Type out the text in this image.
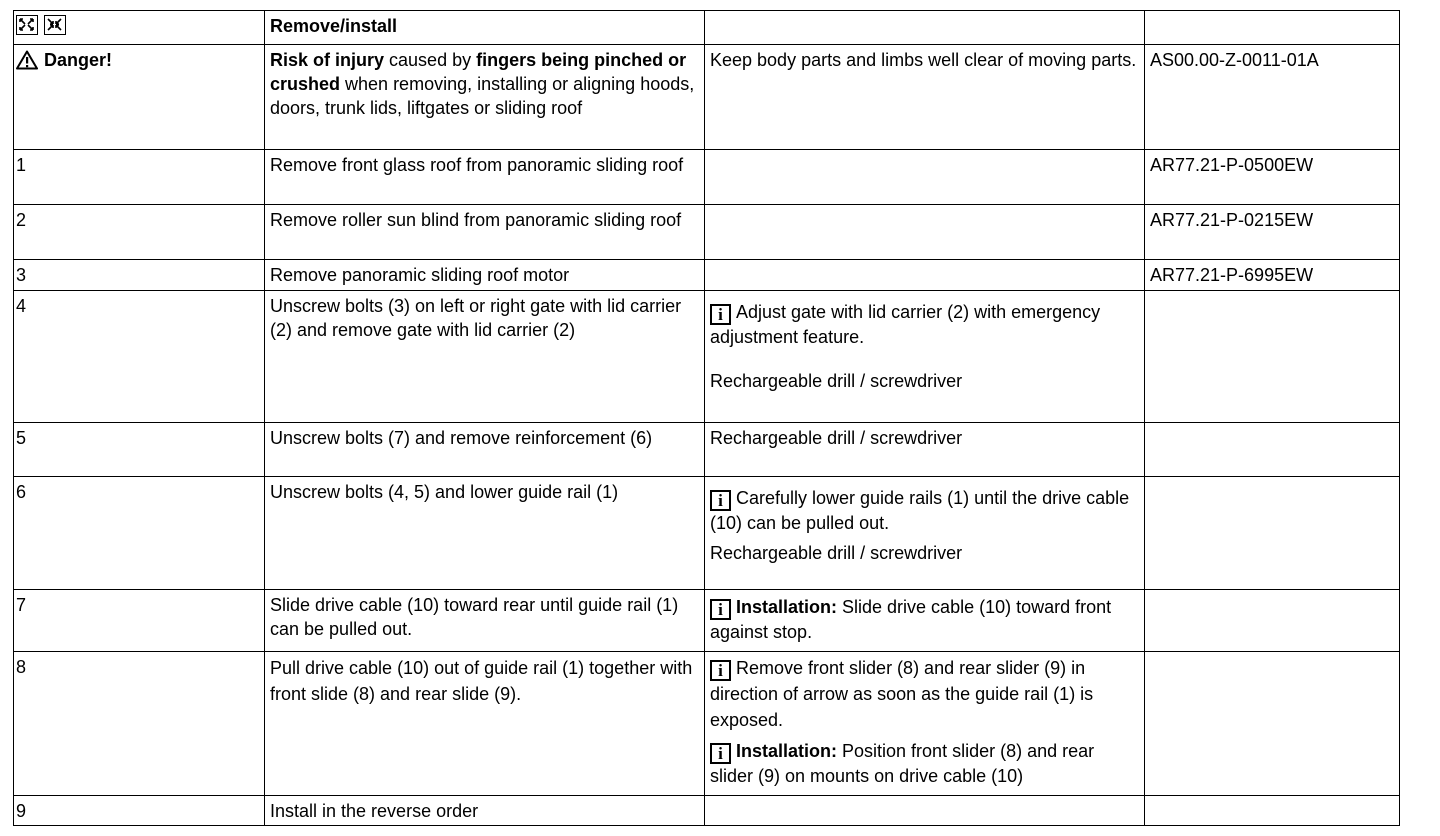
	Remove/install		

Danger!	Risk of injury caused by fingers being pinched or crushed when removing, installing or aligning hoods, doors, trunk lids, liftgates or sliding roof	Keep body parts and limbs well clear of moving parts.	AS00.00-Z-0011-01A
1	Remove front glass roof from panoramic sliding roof		AR77.21-P-0500EW
2	Remove roller sun blind from panoramic sliding roof		AR77.21-P-0215EW
3	Remove panoramic sliding roof motor		AR77.21-P-6995EW
4	Unscrew bolts (3) on left or right gate with lid carrier (2) and remove gate with lid carrier (2)	i Adjust gate with lid carrier (2) with emergency adjustment feature.
Rechargeable drill / screwdriver	

5	Unscrew bolts (7) and remove reinforcement (6)	Rechargeable drill / screwdriver	
6	Unscrew bolts (4, 5) and lower guide rail (1)	i Carefully lower guide rails (1) until the drive cable (10) can be pulled out.
Rechargeable drill / screwdriver	

7	Slide drive cable (10) toward rear until guide rail (1) can be pulled out.	i Installation: Slide drive cable (10) toward front against stop.	

8	Pull drive cable (10) out of guide rail (1) together with front slide (8) and rear slide (9).	i Remove front slider (8) and rear slider (9) in direction of arrow as soon as the guide rail (1) is exposed.
i Installation: Position front slider (8) and rear slider (9) on mounts on drive cable (10)	

9	Install in the reverse order		
